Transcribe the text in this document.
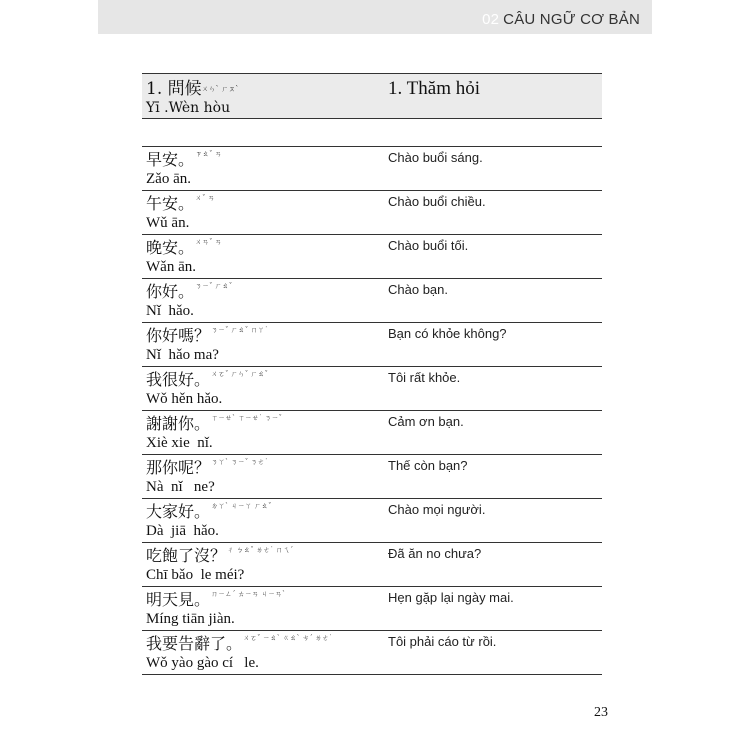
02 CÂU NGỮ CƠ BẢN
1. 問候$^{ㄨㄣˋ ㄏㄡˋ}$
Yī .Wèn hòu
1. Thăm hỏi
早安。ㄗㄠˇ ㄢ
Zǎo ān.
Chào buổi sáng.
午安。ㄨˇ ㄢ
Wǔ ān.
Chào buổi chiều.
晚安。ㄨㄢˇ ㄢ
Wǎn ān.
Chào buổi tối.
你好。ㄋㄧˇ ㄏㄠˇ
Nǐ  hǎo.
Chào bạn.
你好嗎？ㄋㄧˇ ㄏㄠˇ ㄇㄚ˙
Nǐ  hǎo ma?
Bạn có khỏe không?
我很好。ㄨㄛˇ ㄏㄣˇ ㄏㄠˇ
Wǒ hěn hǎo.
Tôi rất khỏe.
謝謝你。ㄒㄧㄝˋ ㄒㄧㄝ˙ ㄋㄧˇ
Xiè xie  nǐ.
Cảm ơn bạn.
那你呢？ㄋㄚˋ ㄋㄧˇ ㄋㄜ˙
Nà  nǐ   ne?
Thế còn bạn?
大家好。ㄉㄚˋ ㄐㄧㄚ ㄏㄠˇ
Dà  jiā  hǎo.
Chào mọi người.
吃飽了沒？ㄔ ㄅㄠˇ ㄌㄜ˙ ㄇㄟˊ
Chī bǎo  le méi?
Đã ăn no chưa?
明天見。ㄇㄧㄥˊ ㄊㄧㄢ ㄐㄧㄢˋ
Míng tiān jiàn.
Hẹn gặp lại ngày mai.
我要告辭了。ㄨㄛˇ ㄧㄠˋ ㄍㄠˋ ㄘˊ ㄌㄜ˙
Wǒ yào gào cí   le.
Tôi phải cáo từ rồi.
23
